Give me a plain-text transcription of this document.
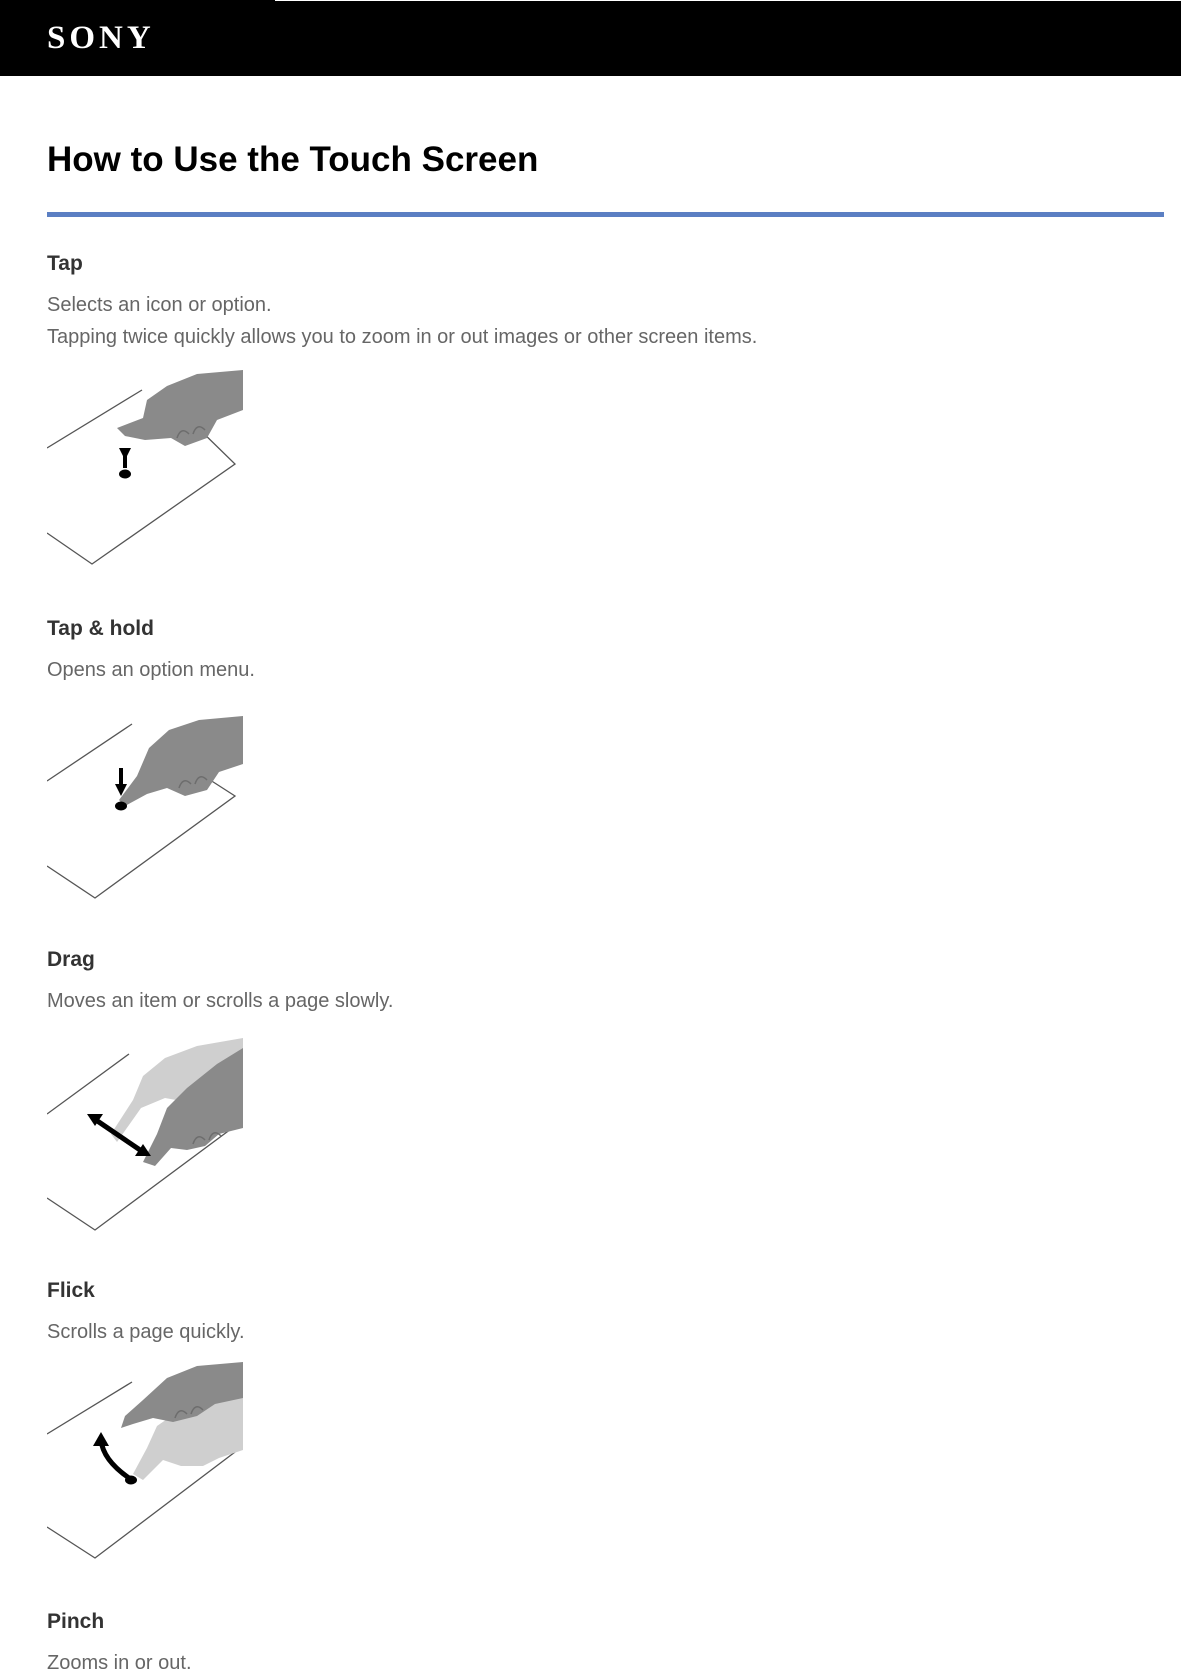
SONY
How to Use the Touch Screen

Tap

Selects an icon or option.

Tapping twice quickly allows you to zoom in or out images or other screen items.

Tap & hold

Opens an option menu.

Drag

Moves an item or scrolls a page slowly.

Flick

Scrolls a page quickly.

Pinch

Zooms in or out.
